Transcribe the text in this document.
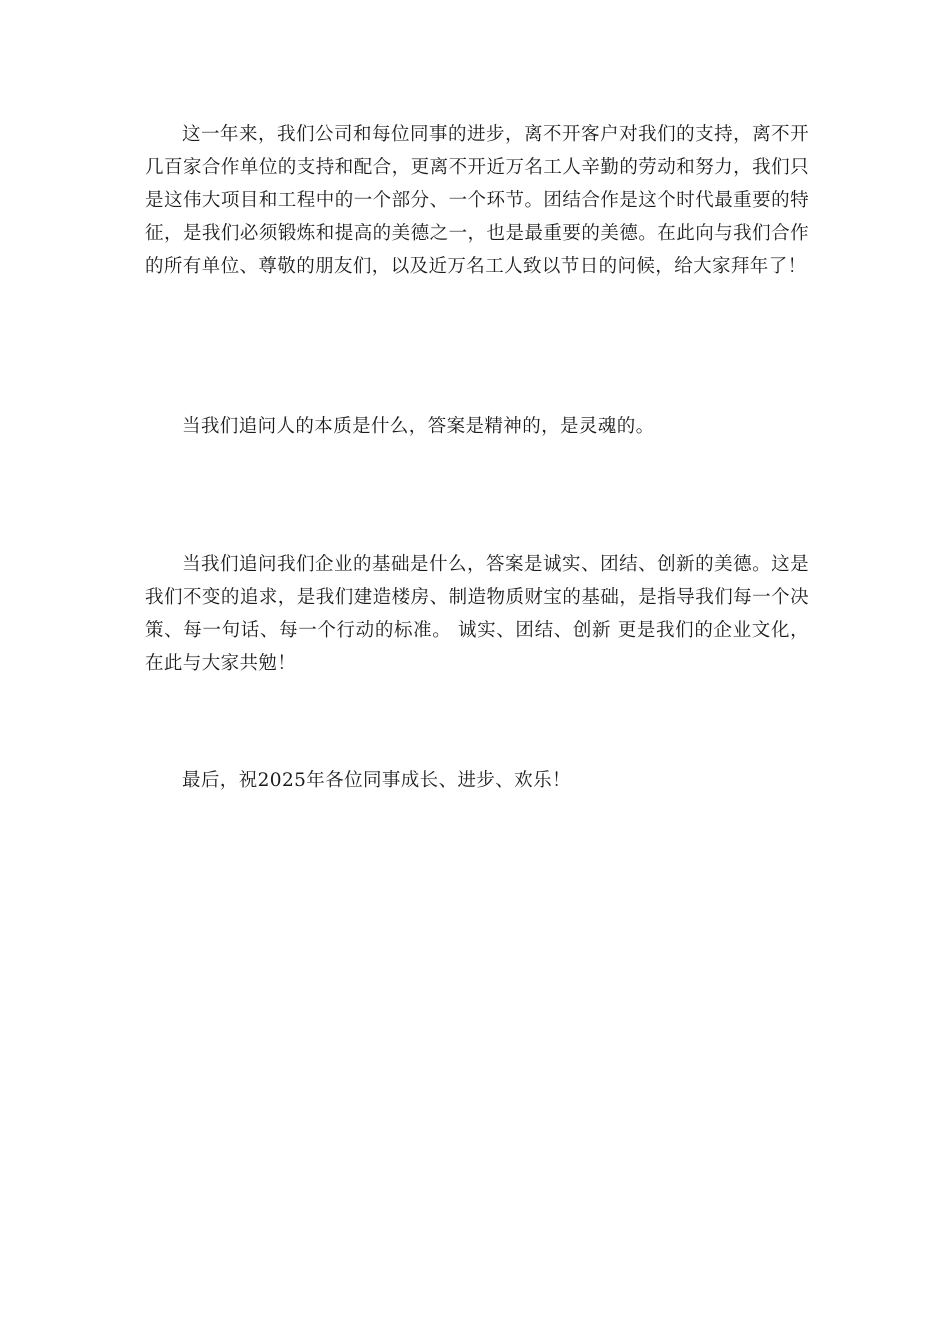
这一年来，我们公司和每位同事的进步，离不开客户对我们的支持，离不开几百家合作单位的支持和配合，更离不开近万名工人辛勤的劳动和努力，我们只是这伟大项目和工程中的一个部分、一个环节。团结合作是这个时代最重要的特征，是我们必须锻炼和提高的美德之一，也是最重要的美德。在此向与我们合作的所有单位、尊敬的朋友们，以及近万名工人致以节日的问候，给大家拜年了！

当我们追问人的本质是什么，答案是精神的，是灵魂的。

当我们追问我们企业的基础是什么，答案是诚实、团结、创新的美德。这是我们不变的追求，是我们建造楼房、制造物质财宝的基础，是指导我们每一个决策、每一句话、每一个行动的标准。 诚实、团结、创新 更是我们的企业文化，在此与大家共勉！

最后，祝2025年各位同事成长、进步、欢乐！
